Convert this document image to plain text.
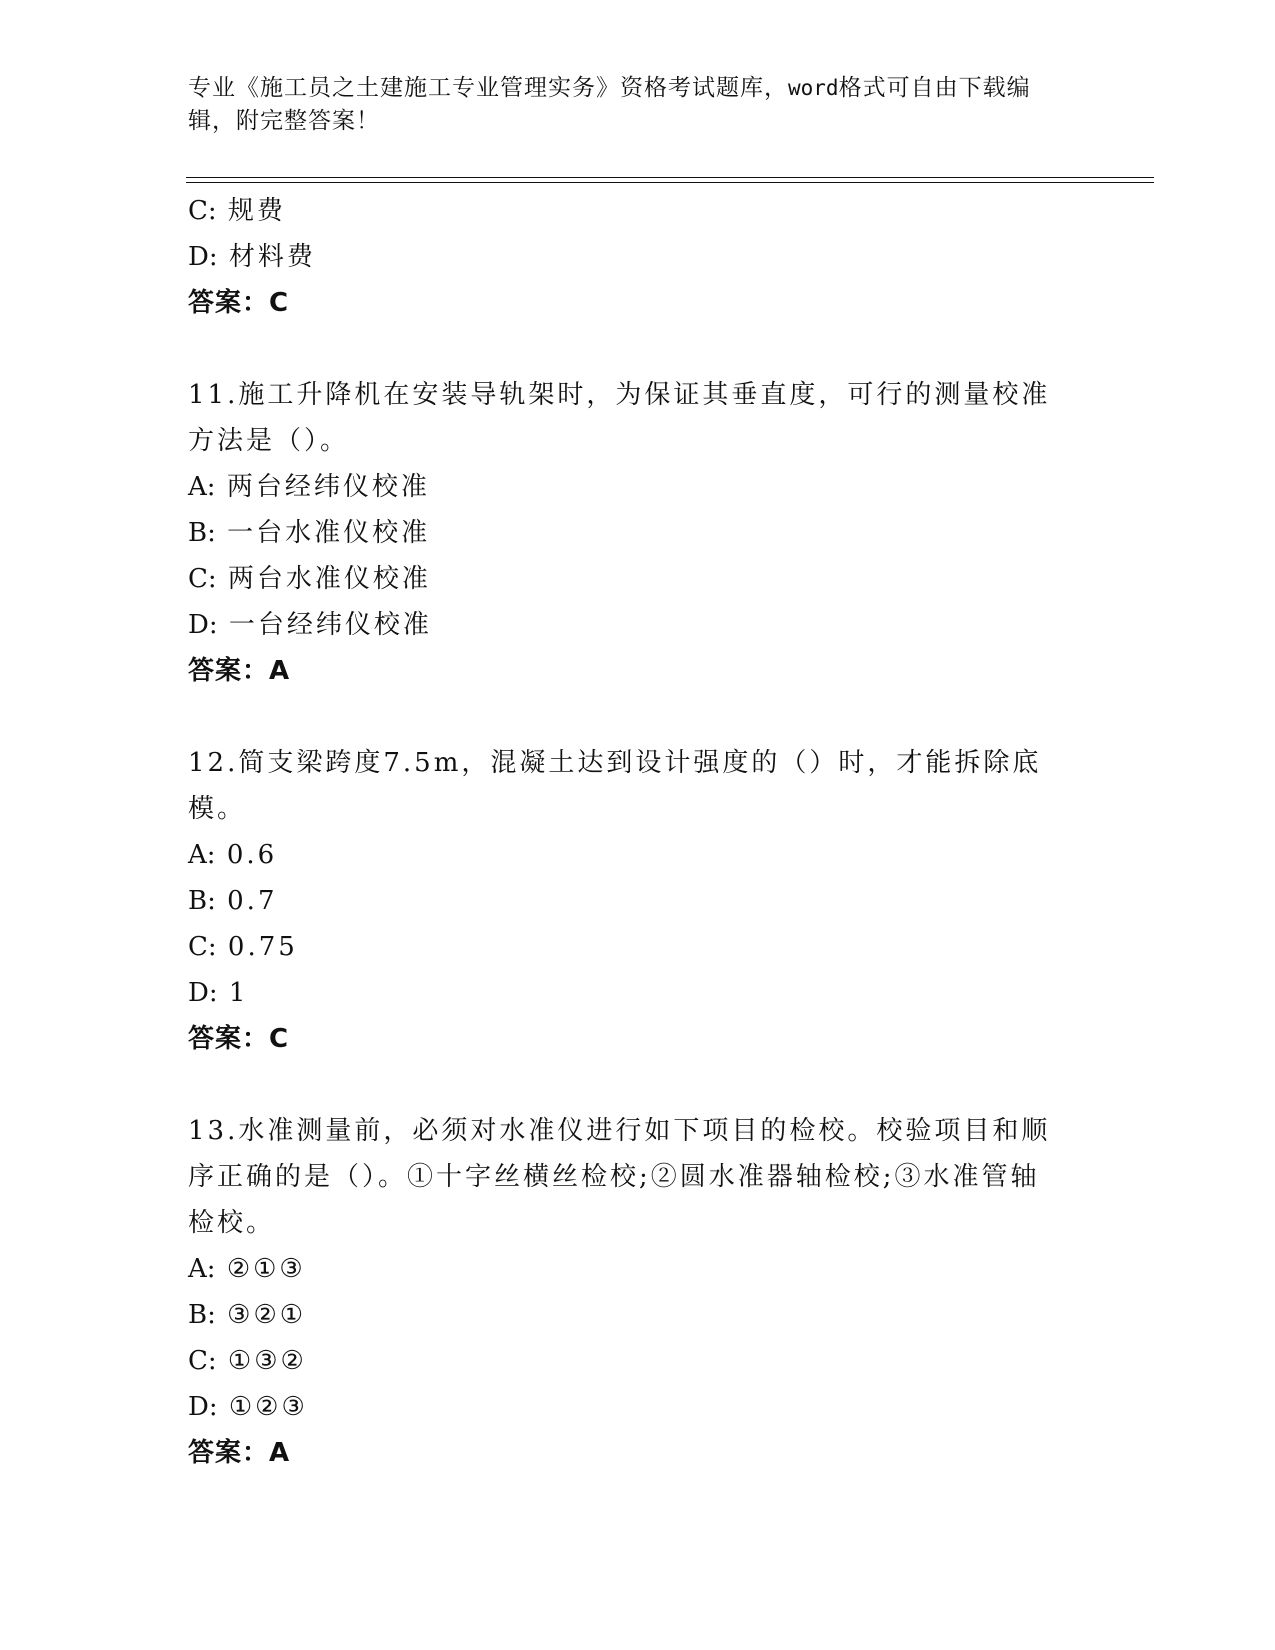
专业《施工员之土建施工专业管理实务》资格考试题库，word格式可自由下载编
辑，附完整答案！
C: 规费
D: 材料费
答案：C
11.施工升降机在安装导轨架时，为保证其垂直度，可行的测量校准方法是（）。
A: 两台经纬仪校准
B: 一台水准仪校准
C: 两台水准仪校准
D: 一台经纬仪校准
答案：A
12.简支梁跨度7.5m，混凝土达到设计强度的（）时，才能拆除底模。
A: 0.6
B: 0.7
C: 0.75
D: 1
答案：C
13.水准测量前，必须对水准仪进行如下项目的检校。校验项目和顺序正确的是（）。①十字丝横丝检校;②圆水准器轴检校;③水准管轴检校。
A: ②①③
B: ③②①
C: ①③②
D: ①②③
答案：A
